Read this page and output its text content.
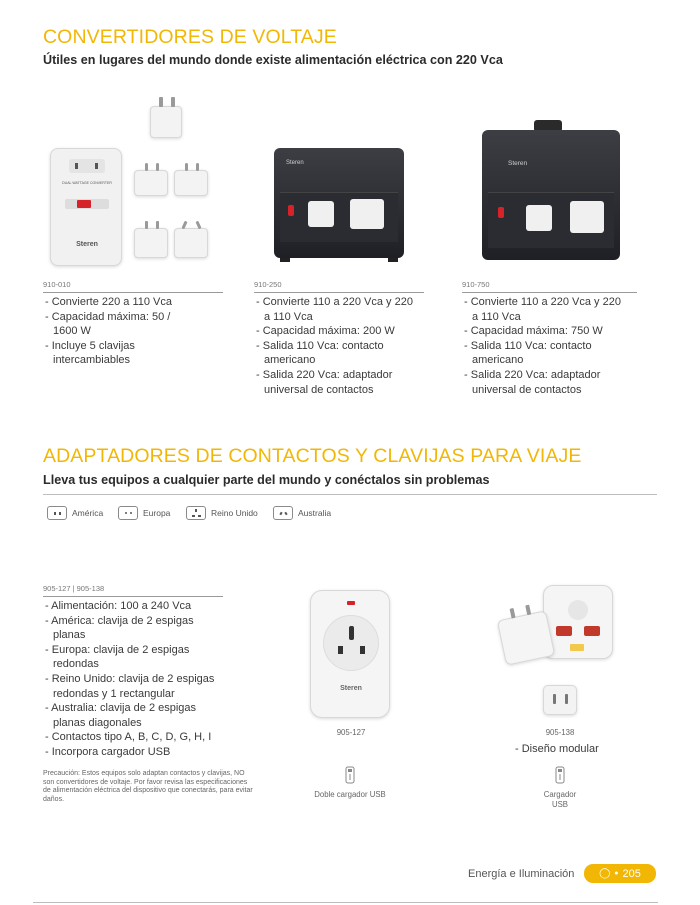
CONVERTIDORES DE VOLTAJE
Útiles en lugares del mundo donde existe alimentación eléctrica con 220 Vca
DUAL WATTAGE CONVERTER
Steren
Steren	Steren
910-010
- Convierte 220 a 110 Vca
- Capacidad máxima: 50 / 1600 W
- Incluye 5 clavijas intercambiables
910-250
- Convierte 110 a 220 Vca y 220 a 110 Vca
- Capacidad máxima: 200 W
- Salida 110 Vca: contacto americano
- Salida 220 Vca: adaptador universal de contactos
910-750
- Convierte 110 a 220 Vca y 220 a 110 Vca
- Capacidad máxima: 750 W
- Salida 110 Vca: contacto americano
- Salida 220 Vca: adaptador universal de contactos
ADAPTADORES DE CONTACTOS Y CLAVIJAS PARA VIAJE
Lleva tus equipos a cualquier parte del mundo y conéctalos sin problemas
América	Europa	Reino Unido	Australia
905-127 | 905-138
- Alimentación: 100 a 240 Vca
- América: clavija de 2 espigas planas
- Europa: clavija de 2 espigas redondas
- Reino Unido: clavija de 2 espigas redondas y 1 rectangular
- Australia: clavija de 2 espigas planas diagonales
- Contactos tipo A, B, C, D, G, H, I
- Incorpora cargador USB
Precaución: Estos equipos solo adaptan contactos y clavijas, NO son convertidores de voltaje. Por favor revisa las especificaciones de alimentación eléctrica del dispositivo que conectarás, para evitar daños.
Steren
905-127	905-138
- Diseño modular
Doble cargador USB	Cargador USB
Energía e Iluminación ◯ ● 205
